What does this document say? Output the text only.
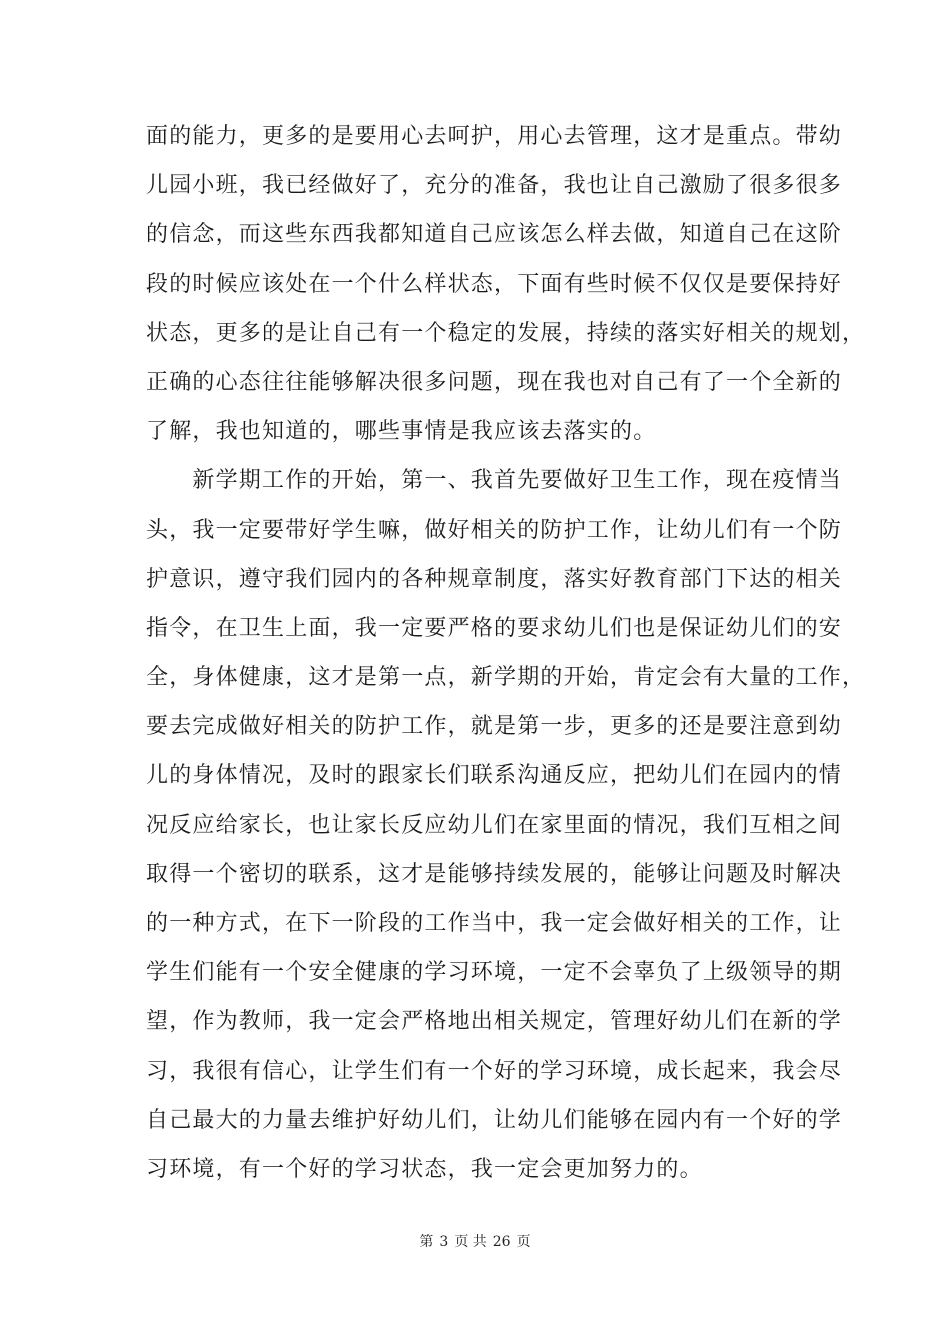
面的能力，更多的是要用心去呵护，用心去管理，这才是重点。带幼
儿园小班，我已经做好了，充分的准备，我也让自己激励了很多很多
的信念，而这些东西我都知道自己应该怎么样去做，知道自己在这阶
段的时候应该处在一个什么样状态，下面有些时候不仅仅是要保持好
状态，更多的是让自己有一个稳定的发展，持续的落实好相关的规划，
正确的心态往往能够解决很多问题，现在我也对自己有了一个全新的
了解，我也知道的，哪些事情是我应该去落实的。
　　新学期工作的开始，第一、我首先要做好卫生工作，现在疫情当
头，我一定要带好学生嘛，做好相关的防护工作，让幼儿们有一个防
护意识，遵守我们园内的各种规章制度，落实好教育部门下达的相关
指令，在卫生上面，我一定要严格的要求幼儿们也是保证幼儿们的安
全，身体健康，这才是第一点，新学期的开始，肯定会有大量的工作，
要去完成做好相关的防护工作，就是第一步，更多的还是要注意到幼
儿的身体情况，及时的跟家长们联系沟通反应，把幼儿们在园内的情
况反应给家长，也让家长反应幼儿们在家里面的情况，我们互相之间
取得一个密切的联系，这才是能够持续发展的，能够让问题及时解决
的一种方式，在下一阶段的工作当中，我一定会做好相关的工作，让
学生们能有一个安全健康的学习环境，一定不会辜负了上级领导的期
望，作为教师，我一定会严格地出相关规定，管理好幼儿们在新的学
习，我很有信心，让学生们有一个好的学习环境，成长起来，我会尽
自己最大的力量去维护好幼儿们，让幼儿们能够在园内有一个好的学
习环境，有一个好的学习状态，我一定会更加努力的。
第 3 页 共 26 页
